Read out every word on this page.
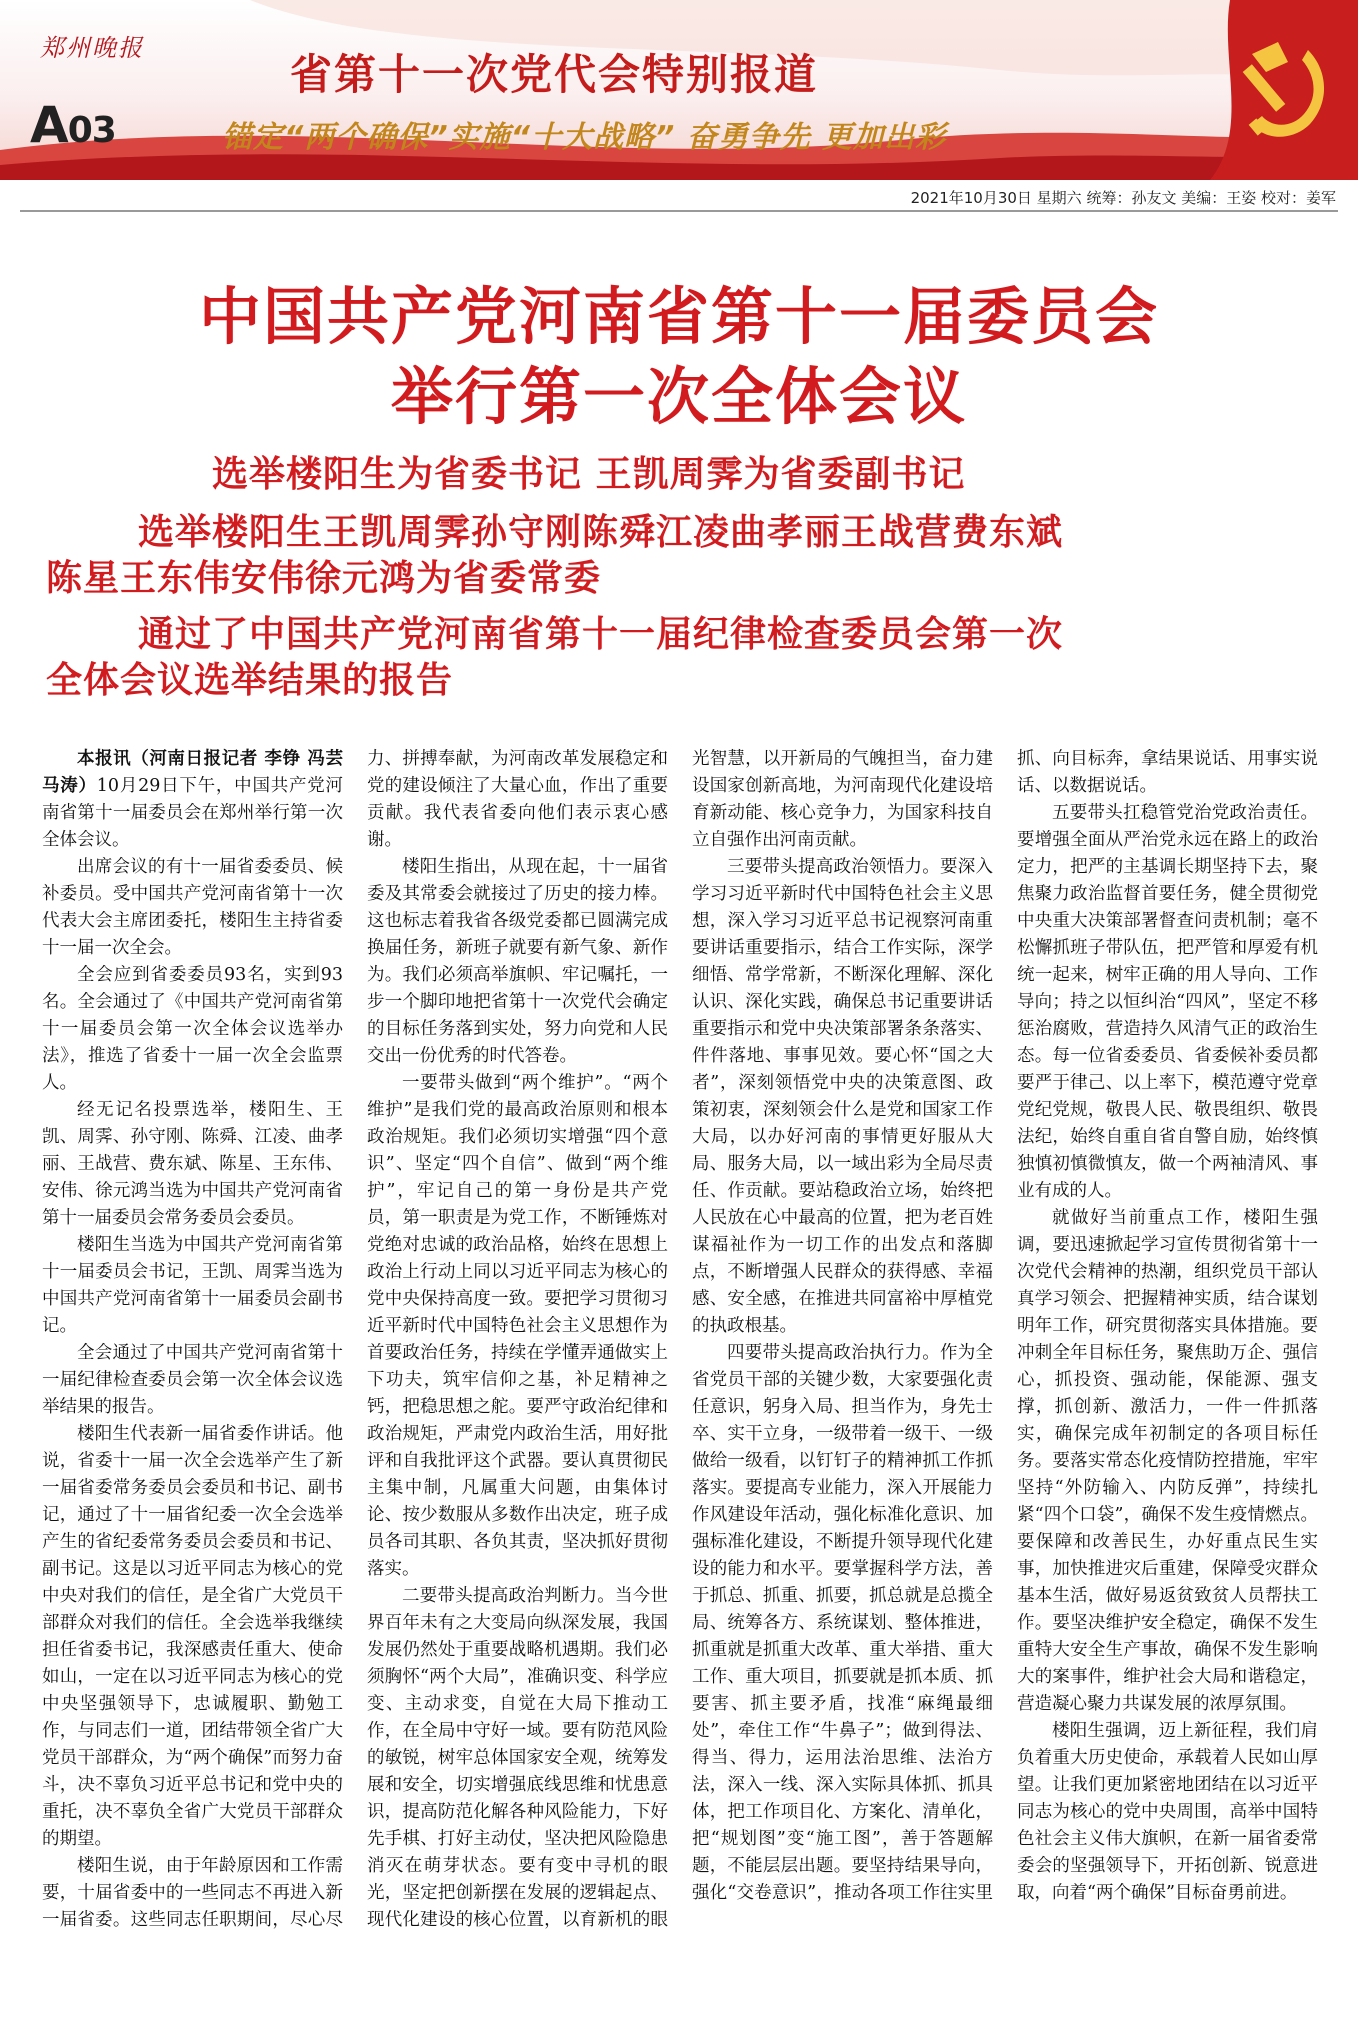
郑州晚报
A03
省第十一次党代会特别报道
锚定“两个确保”实施“十大战略” 奋勇争先 更加出彩
2021年10月30日 星期六 统筹：孙友文 美编：王姿 校对：姜军
中国共产党河南省第十一届委员会
举行第一次全体会议
选举楼阳生为省委书记 王凯周霁为省委副书记
选举楼阳生王凯周霁孙守刚陈舜江凌曲孝丽王战营费东斌
陈星王东伟安伟徐元鸿为省委常委
通过了中国共产党河南省第十一届纪律检查委员会第一次
全体会议选举结果的报告

本报讯（河南日报记者 李铮 冯芸 马涛）10月29日下午，中国共产党河南省第十一届委员会在郑州举行第一次全体会议。

出席会议的有十一届省委委员、候补委员。受中国共产党河南省第十一次代表大会主席团委托，楼阳生主持省委十一届一次全会。

全会应到省委委员93名，实到93名。全会通过了《中国共产党河南省第十一届委员会第一次全体会议选举办法》，推选了省委十一届一次全会监票人。

经无记名投票选举，楼阳生、王凯、周霁、孙守刚、陈舜、江凌、曲孝丽、王战营、费东斌、陈星、王东伟、安伟、徐元鸿当选为中国共产党河南省第十一届委员会常务委员会委员。

楼阳生当选为中国共产党河南省第十一届委员会书记，王凯、周霁当选为中国共产党河南省第十一届委员会副书记。

全会通过了中国共产党河南省第十一届纪律检查委员会第一次全体会议选举结果的报告。

楼阳生代表新一届省委作讲话。他说，省委十一届一次全会选举产生了新一届省委常务委员会委员和书记、副书记，通过了十一届省纪委一次全会选举产生的省纪委常务委员会委员和书记、副书记。这是以习近平同志为核心的党中央对我们的信任，是全省广大党员干部群众对我们的信任。全会选举我继续担任省委书记，我深感责任重大、使命如山，一定在以习近平同志为核心的党中央坚强领导下，忠诚履职、勤勉工作，与同志们一道，团结带领全省广大党员干部群众，为“两个确保”而努力奋斗，决不辜负习近平总书记和党中央的重托，决不辜负全省广大党员干部群众的期望。

楼阳生说，由于年龄原因和工作需要，十届省委中的一些同志不再进入新一届省委。这些同志任职期间，尽心尽力、拼搏奉献，为河南改革发展稳定和党的建设倾注了大量心血，作出了重要贡献。我代表省委向他们表示衷心感谢。

楼阳生指出，从现在起，十一届省委及其常委会就接过了历史的接力棒。这也标志着我省各级党委都已圆满完成换届任务，新班子就要有新气象、新作为。我们必须高举旗帜、牢记嘱托，一步一个脚印地把省第十一次党代会确定的目标任务落到实处，努力向党和人民交出一份优秀的时代答卷。

一要带头做到“两个维护”。“两个维护”是我们党的最高政治原则和根本政治规矩。我们必须切实增强“四个意识”、坚定“四个自信”、做到“两个维护”，牢记自己的第一身份是共产党员，第一职责是为党工作，不断锤炼对党绝对忠诚的政治品格，始终在思想上政治上行动上同以习近平同志为核心的党中央保持高度一致。要把学习贯彻习近平新时代中国特色社会主义思想作为首要政治任务，持续在学懂弄通做实上下功夫，筑牢信仰之基，补足精神之钙，把稳思想之舵。要严守政治纪律和政治规矩，严肃党内政治生活，用好批评和自我批评这个武器。要认真贯彻民主集中制，凡属重大问题，由集体讨论、按少数服从多数作出决定，班子成员各司其职、各负其责，坚决抓好贯彻落实。

二要带头提高政治判断力。当今世界百年未有之大变局向纵深发展，我国发展仍然处于重要战略机遇期。我们必须胸怀“两个大局”，准确识变、科学应变、主动求变，自觉在大局下推动工作，在全局中守好一域。要有防范风险的敏锐，树牢总体国家安全观，统筹发展和安全，切实增强底线思维和忧患意识，提高防范化解各种风险能力，下好先手棋、打好主动仗，坚决把风险隐患消灭在萌芽状态。要有变中寻机的眼光，坚定把创新摆在发展的逻辑起点、现代化建设的核心位置，以育新机的眼光智慧，以开新局的气魄担当，奋力建设国家创新高地，为河南现代化建设培育新动能、核心竞争力，为国家科技自立自强作出河南贡献。

三要带头提高政治领悟力。要深入学习习近平新时代中国特色社会主义思想，深入学习习近平总书记视察河南重要讲话重要指示，结合工作实际，深学细悟、常学常新，不断深化理解、深化认识、深化实践，确保总书记重要讲话重要指示和党中央决策部署条条落实、件件落地、事事见效。要心怀“国之大者”，深刻领悟党中央的决策意图、政策初衷，深刻领会什么是党和国家工作大局，以办好河南的事情更好服从大局、服务大局，以一域出彩为全局尽责任、作贡献。要站稳政治立场，始终把人民放在心中最高的位置，把为老百姓谋福祉作为一切工作的出发点和落脚点，不断增强人民群众的获得感、幸福感、安全感，在推进共同富裕中厚植党的执政根基。

四要带头提高政治执行力。作为全省党员干部的关键少数，大家要强化责任意识，躬身入局、担当作为，身先士卒、实干立身，一级带着一级干、一级做给一级看，以钉钉子的精神抓工作抓落实。要提高专业能力，深入开展能力作风建设年活动，强化标准化意识、加强标准化建设，不断提升领导现代化建设的能力和水平。要掌握科学方法，善于抓总、抓重、抓要，抓总就是总揽全局、统筹各方、系统谋划、整体推进，抓重就是抓重大改革、重大举措、重大工作、重大项目，抓要就是抓本质、抓要害、抓主要矛盾，找准“麻绳最细处”，牵住工作“牛鼻子”；做到得法、得当、得力，运用法治思维、法治方法，深入一线、深入实际具体抓、抓具体，把工作项目化、方案化、清单化，把“规划图”变“施工图”，善于答题解题，不能层层出题。要坚持结果导向，强化“交卷意识”，推动各项工作往实里抓、向目标奔，拿结果说话、用事实说话、以数据说话。

五要带头扛稳管党治党政治责任。要增强全面从严治党永远在路上的政治定力，把严的主基调长期坚持下去，聚焦聚力政治监督首要任务，健全贯彻党中央重大决策部署督查问责机制；毫不松懈抓班子带队伍，把严管和厚爱有机统一起来，树牢正确的用人导向、工作导向；持之以恒纠治“四风”，坚定不移惩治腐败，营造持久风清气正的政治生态。每一位省委委员、省委候补委员都要严于律己、以上率下，模范遵守党章党纪党规，敬畏人民、敬畏组织、敬畏法纪，始终自重自省自警自励，始终慎独慎初慎微慎友，做一个两袖清风、事业有成的人。

就做好当前重点工作，楼阳生强调，要迅速掀起学习宣传贯彻省第十一次党代会精神的热潮，组织党员干部认真学习领会、把握精神实质，结合谋划明年工作，研究贯彻落实具体措施。要冲刺全年目标任务，聚焦助万企、强信心，抓投资、强动能，保能源、强支撑，抓创新、激活力，一件一件抓落实，确保完成年初制定的各项目标任务。要落实常态化疫情防控措施，牢牢坚持“外防输入、内防反弹”，持续扎紧“四个口袋”，确保不发生疫情燃点。要保障和改善民生，办好重点民生实事，加快推进灾后重建，保障受灾群众基本生活，做好易返贫致贫人员帮扶工作。要坚决维护安全稳定，确保不发生重特大安全生产事故，确保不发生影响大的案事件，维护社会大局和谐稳定，营造凝心聚力共谋发展的浓厚氛围。

楼阳生强调，迈上新征程，我们肩负着重大历史使命，承载着人民如山厚望。让我们更加紧密地团结在以习近平同志为核心的党中央周围，高举中国特色社会主义伟大旗帜，在新一届省委常委会的坚强领导下，开拓创新、锐意进取，向着“两个确保”目标奋勇前进。
